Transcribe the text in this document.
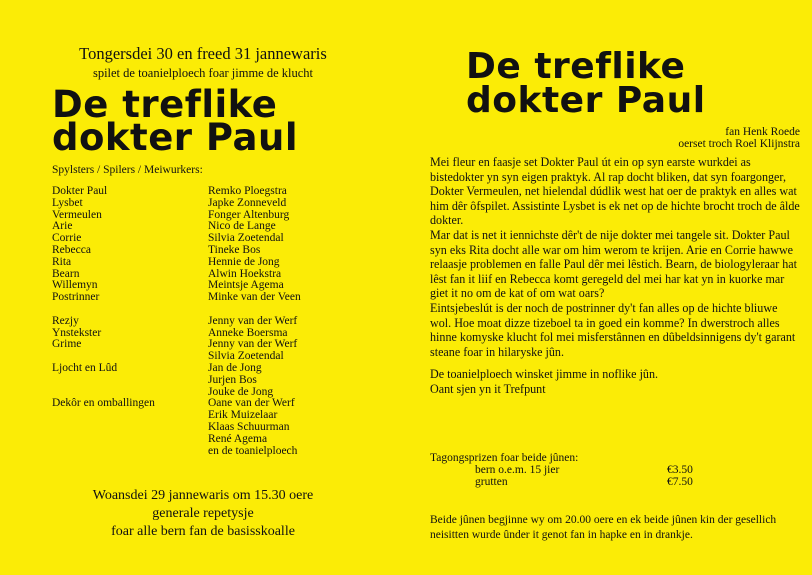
Tongersdei 30 en freed 31 jannewaris
spilet de toanielploech foar jimme de klucht
De treflike
dokter Paul
Spylsters / Spilers / Meiwurkers:
Dokter Paul	Remko Ploegstra
Lysbet	Japke Zonneveld
Vermeulen	Fonger Altenburg
Arie	Nico de Lange
Corrie	Silvia Zoetendal
Rebecca	Tineke Bos
Rita	Hennie de Jong
Bearn	Alwin Hoekstra
Willemyn	Meintsje Agema
Postrinner	Minke van der Veen
Rezjy	Jenny van der Werf
Ynstekster	Anneke Boersma
Grime	Jenny van der Werf
Silvia Zoetendal
Ljocht en Lûd	Jan de Jong
Jurjen Bos
Jouke de Jong
Dekôr en omballingen	Oane van der Werf
Erik Muizelaar
Klaas Schuurman
René Agema
en de toanielploech
Woansdei 29 jannewaris om 15.30 oere
generale repetysje
foar alle bern fan de basisskoalle
De treflike
dokter Paul
fan Henk Roede
oerset troch Roel Klijnstra

Mei fleur en faasje set Dokter Paul út ein op syn earste wurkdei as bistedokter yn syn eigen praktyk. Al rap docht bliken, dat syn foargonger, Dokter Vermeulen, net hielendal dúdlik west hat oer de praktyk en alles wat him dêr ôfspilet. Assistinte Lysbet is ek net op de hichte brocht troch de âlde dokter.

Mar dat is net it iennichste dêr't de nije dokter mei tangele sit. Dokter Paul syn eks Rita docht alle war om him werom te krijen. Arie en Corrie hawwe relaasje problemen en falle Paul dêr mei lêstich. Bearn, de biologyleraar hat lêst fan it liif en Rebecca komt geregeld del mei har kat yn in kuorke mar giet it no om de kat of om wat oars?

Eintsjebeslút is der noch de postrinner dy't fan alles op de hichte bliuwe wol. Hoe moat dizze tizeboel ta in goed ein komme? In dwerstroch alles hinne komyske klucht fol mei misferstânnen en dûbeldsinnigens dy't garant steane foar in hilaryske jûn.

De toanielploech winsket jimme in noflike jûn.

Oant sjen yn it Trefpunt

Tagongsprizen foar beide jûnen:
bern o.e.m. 15 jier	€3.50
grutten	€7.50
Beide jûnen begjinne wy om 20.00 oere en ek beide jûnen kin der gesellich neisitten wurde ûnder it genot fan in hapke en in drankje.
